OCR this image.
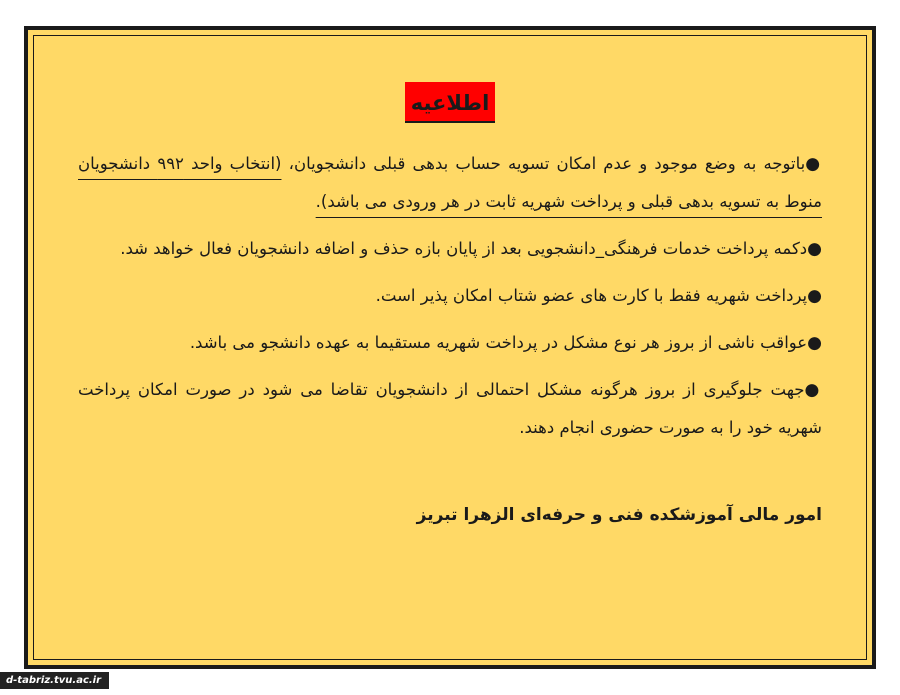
اطلاعیه

●باتوجه به وضع موجود و عدم امکان تسویه حساب بدهی قبلی دانشجویان، (انتخاب واحد ۹۹۲ دانشجویان منوط به تسویه بدهی قبلی و پرداخت شهریه ثابت در هر ورودی می باشد).

●دکمه پرداخت خدمات فرهنگی_دانشجویی بعد از پایان بازه حذف و اضافه دانشجویان فعال خواهد شد.

●پرداخت شهریه فقط با کارت های عضو شتاب امکان پذیر است.

●عواقب ناشی از بروز هر نوع مشکل در پرداخت شهریه مستقیما به عهده دانشجو می باشد.

●جهت جلوگیری از بروز هرگونه مشکل احتمالی از دانشجویان تقاضا می شود در صورت امکان پرداخت شهریه خود را به صورت حضوری انجام دهند.

امور مالی آموزشکده فنی و حرفه‌ای الزهرا تبریز
d-tabriz.tvu.ac.ir
